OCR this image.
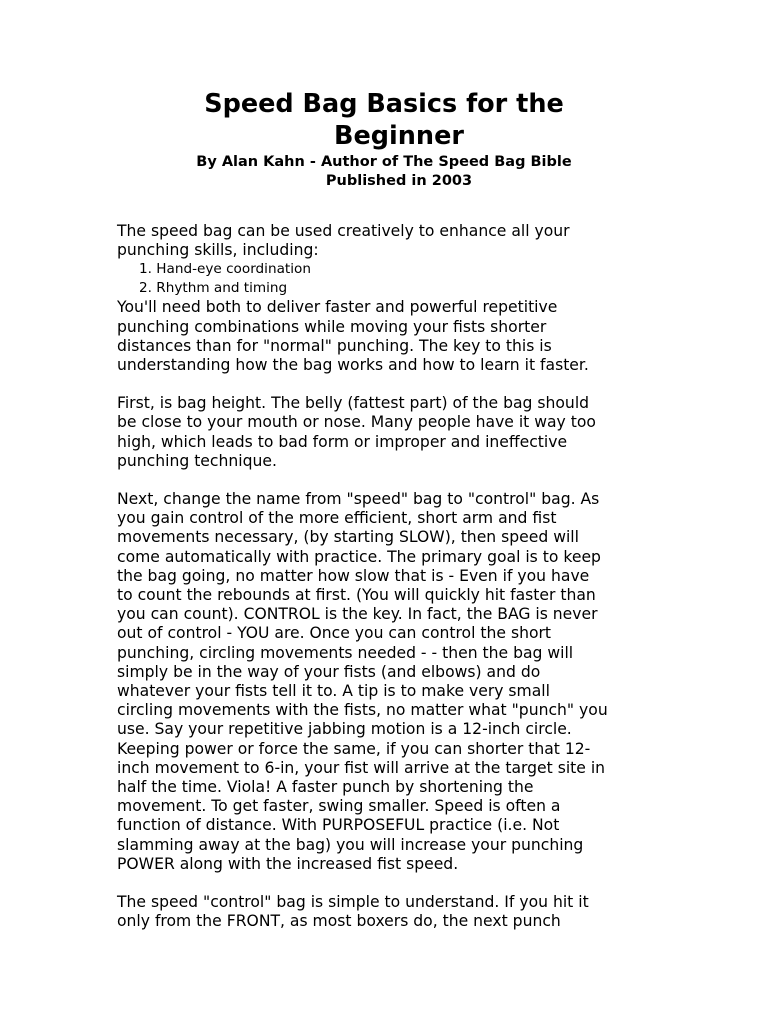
Speed Bag Basics for the
Beginner
By Alan Kahn - Author of The Speed Bag Bible
Published in 2003

The speed bag can be used creatively to enhance all your
punching skills, including:

1. Hand-eye coordination
2. Rhythm and timing

You'll need both to deliver faster and powerful repetitive
punching combinations while moving your fists shorter
distances than for "normal" punching. The key to this is
understanding how the bag works and how to learn it faster.

First, is bag height. The belly (fattest part) of the bag should
be close to your mouth or nose. Many people have it way too
high, which leads to bad form or improper and ineffective
punching technique.

Next, change the name from "speed" bag to "control" bag. As
you gain control of the more efficient, short arm and fist
movements necessary, (by starting SLOW), then speed will
come automatically with practice. The primary goal is to keep
the bag going, no matter how slow that is - Even if you have
to count the rebounds at first. (You will quickly hit faster than
you can count). CONTROL is the key. In fact, the BAG is never
out of control - YOU are. Once you can control the short
punching, circling movements needed - - then the bag will
simply be in the way of your fists (and elbows) and do
whatever your fists tell it to. A tip is to make very small
circling movements with the fists, no matter what "punch" you
use. Say your repetitive jabbing motion is a 12-inch circle.
Keeping power or force the same, if you can shorter that 12-
inch movement to 6-in, your fist will arrive at the target site in
half the time. Viola! A faster punch by shortening the
movement. To get faster, swing smaller. Speed is often a
function of distance. With PURPOSEFUL practice (i.e. Not
slamming away at the bag) you will increase your punching
POWER along with the increased fist speed.

The speed "control" bag is simple to understand. If you hit it
only from the FRONT, as most boxers do, the next punch
